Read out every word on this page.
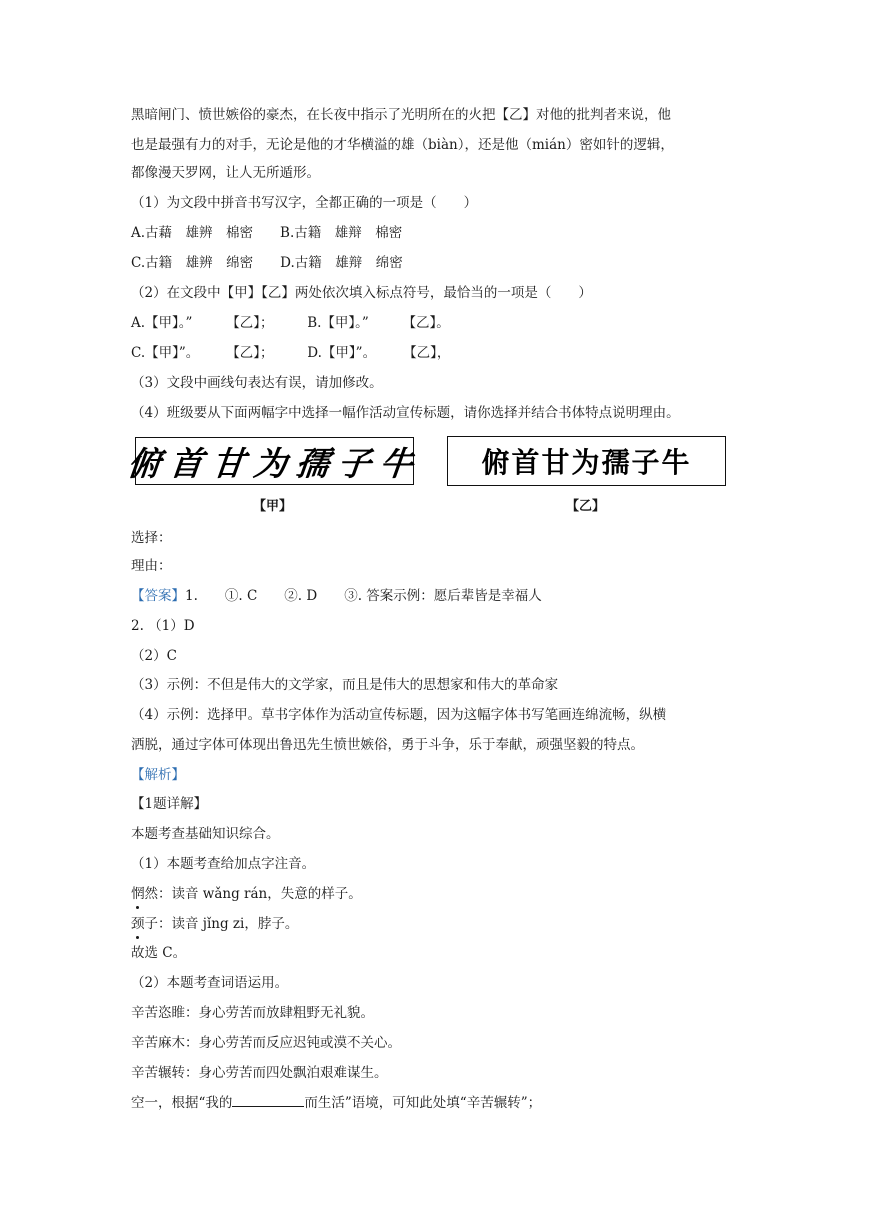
黑暗闸门、愤世嫉俗的豪杰，在长夜中指示了光明所在的火把【乙】对他的批判者来说，他
也是最强有力的对手，无论是他的才华横溢的雄（biàn），还是他（mián）密如针的逻辑，
都像漫天罗网，让人无所遁形。
（1）为文段中拼音书写汉字，全都正确的一项是（　　）
A.古藉　雄辨　棉密　　B.古籍　雄辩　棉密
C.古籍　雄辨　绵密　　D.古籍　雄辩　绵密
（2）在文段中【甲】【乙】两处依次填入标点符号，最恰当的一项是（　　）
A.【甲】。”　　　【乙】；　　　B.【甲】。”　　　【乙】。
C.【甲】”。　　　【乙】；　　　D.【甲】”。　　　【乙】，
（3）文段中画线句表达有误，请加修改。
（4）班级要从下面两幅字中选择一幅作活动宣传标题，请你选择并结合书体特点说明理由。
俯首甘为孺子牛 俯首甘为孺子牛
【甲】	【乙】
选择：
理由：
【答案】1.　　①. C　　②. D　　③. 答案示例：愿后辈皆是幸福人
2. （1）D
（2）C
（3）示例：不但是伟大的文学家，而且是伟大的思想家和伟大的革命家
（4）示例：选择甲。草书字体作为活动宣传标题，因为这幅字体书写笔画连绵流畅，纵横
洒脱，通过字体可体现出鲁迅先生愤世嫉俗，勇于斗争，乐于奉献，顽强坚毅的特点。
【解析】
【1题详解】
本题考查基础知识综合。
（1）本题考查给加点字注音。
惘然：读音 wǎng rán，失意的样子。
颈子：读音 jǐng zi，脖子。
故选 C。
（2）本题考查词语运用。
辛苦恣睢：身心劳苦而放肆粗野无礼貌。
辛苦麻木：身心劳苦而反应迟钝或漠不关心。
辛苦辗转：身心劳苦而四处飘泊艰难谋生。
空一，根据“我的	而生活”语境，可知此处填“辛苦辗转”；
